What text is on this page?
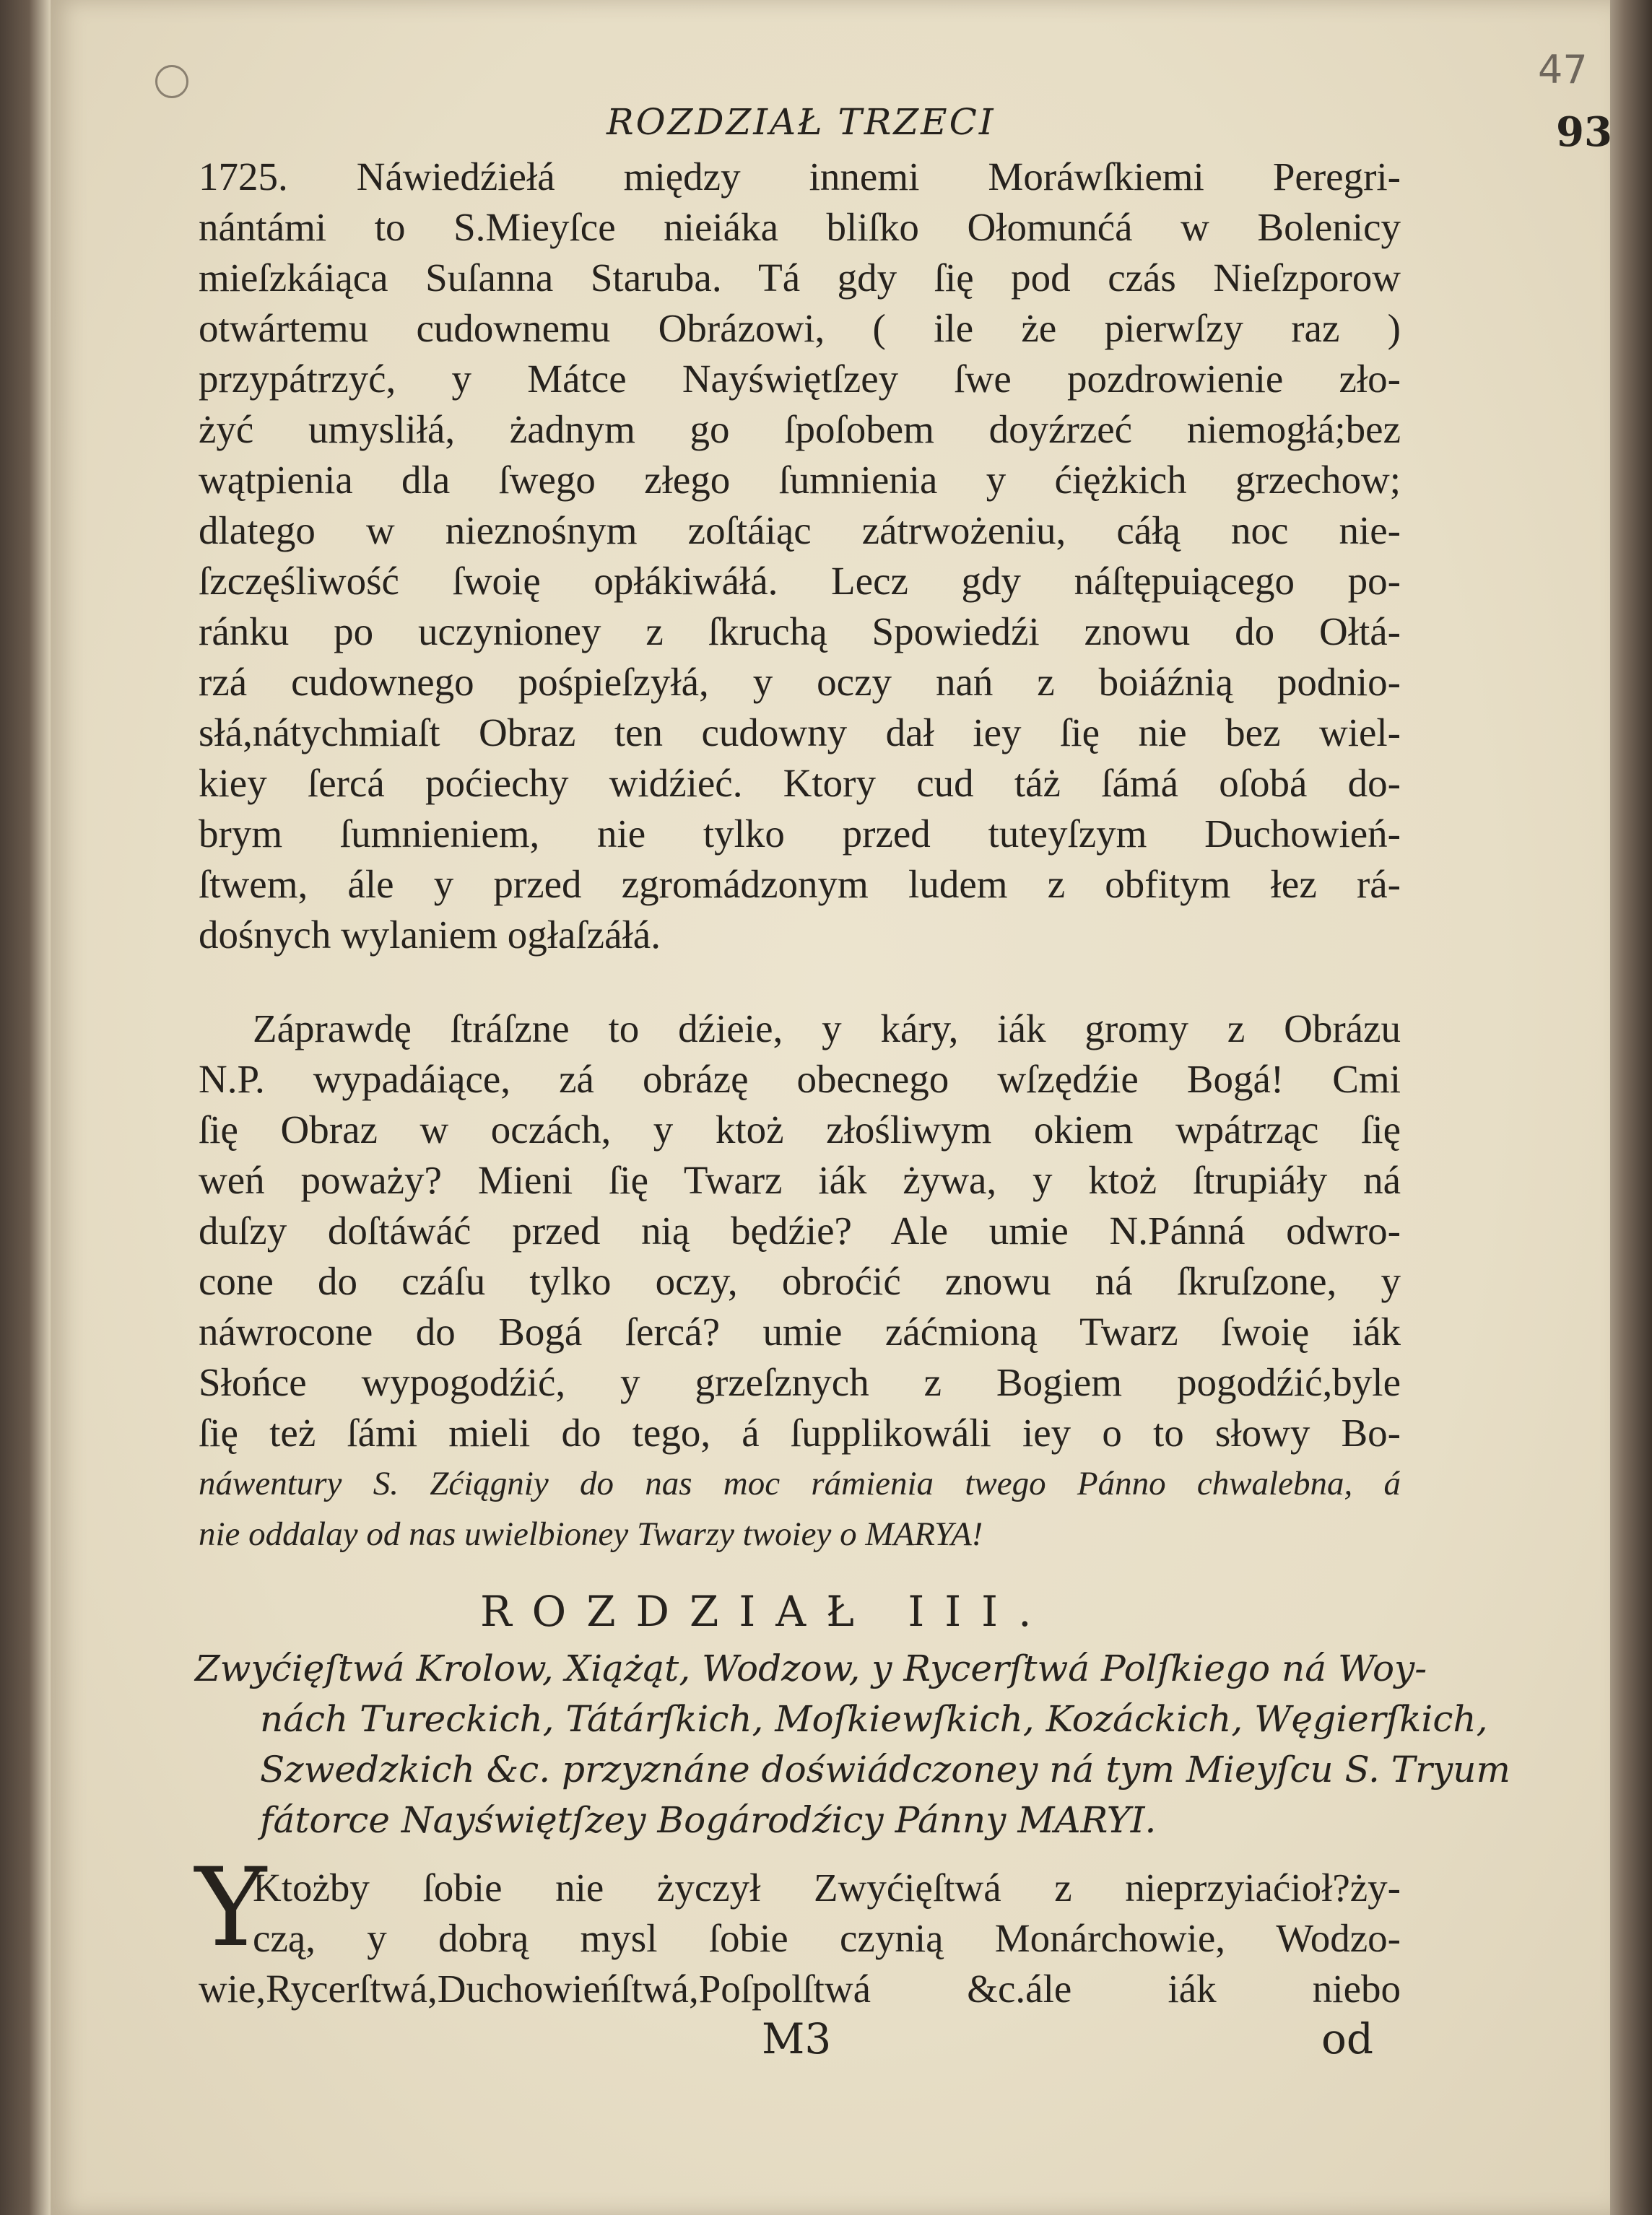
47
ROZDZIAŁ TRZECI	93
1725. Náwiedźiełá między innemi Moráwſkiemi Peregri-
nántámi to S.Mieyſce nieiáka bliſko Ołomunćá w Bolenicy
mieſzkáiąca Suſanna Staruba. Tá gdy ſię pod czás Nieſzporow
otwártemu cudownemu Obrázowi, ( ile że pierwſzy raz )
przypátrzyć, y Mátce Nayświętſzey ſwe pozdrowienie zło-
żyć umysliłá, żadnym go ſpoſobem doyźrzeć niemogłá;bez
wątpienia dla ſwego złego ſumnienia y ćiężkich grzechow;
dlatego w nieznośnym zoſtáiąc zátrwożeniu, cáłą noc nie-
ſzczęśliwość ſwoię opłákiwáłá. Lecz gdy náſtępuiącego po-
ránku po uczynioney z ſkruchą Spowiedźi znowu do Ołtá-
rzá cudownego pośpieſzyłá, y oczy nań z boiáźnią podnio-
słá,nátychmiaſt Obraz ten cudowny dał iey ſię nie bez wiel-
kiey ſercá poćiechy widźieć. Ktory cud táż ſámá oſobá do-
brym ſumnieniem, nie tylko przed tuteyſzym Duchowień-
ſtwem, ále y przed zgromádzonym ludem z obfitym łez rá-
dośnych wylaniem ogłaſzáłá.
Záprawdę ſtráſzne to dźieie, y káry, iák gromy z Obrázu
N.P. wypadáiące, zá obrázę obecnego wſzędźie Bogá! Cmi
ſię Obraz w oczách, y ktoż złośliwym okiem wpátrząc ſię
weń poważy? Mieni ſię Twarz iák żywa, y ktoż ſtrupiáły ná
duſzy doſtáwáć przed nią będźie? Ale umie N.Pánná odwro-
cone do czáſu tylko oczy, obroćić znowu ná ſkruſzone, y
náwrocone do Bogá ſercá? umie záćmioną Twarz ſwoię iák
Słońce wypogodźić, y grzeſznych z Bogiem pogodźić,byle
ſię też ſámi mieli do tego, á ſupplikowáli iey o to słowy Bo-
náwentury S. Zćiągniy do nas moc rámienia twego Pánno chwalebna, á
nie oddalay od nas uwielbioney Twarzy twoiey o MARYA!
ROZDZIAŁ III.
Zwyćięſtwá Krolow, Xiążąt, Wodzow, y Rycerſtwá Polſkiego ná Woy-
nách Tureckich, Tátárſkich, Moſkiewſkich, Kozáckich, Węgierſkich,
Szwedzkich &c. przyznáne doświádczoney ná tym Mieyſcu S. Tryum
fátorce Nayświętſzey Bogárodźicy Pánny MARYI.
Y
Ktożby ſobie nie życzył Zwyćięſtwá z nieprzyiaćioł?ży-
czą, y dobrą mysl ſobie czynią Monárchowie, Wodzo-
wie,Rycerſtwá,Duchowieńſtwá,Poſpolſtwá &c.ále iák niebo
M3	od
